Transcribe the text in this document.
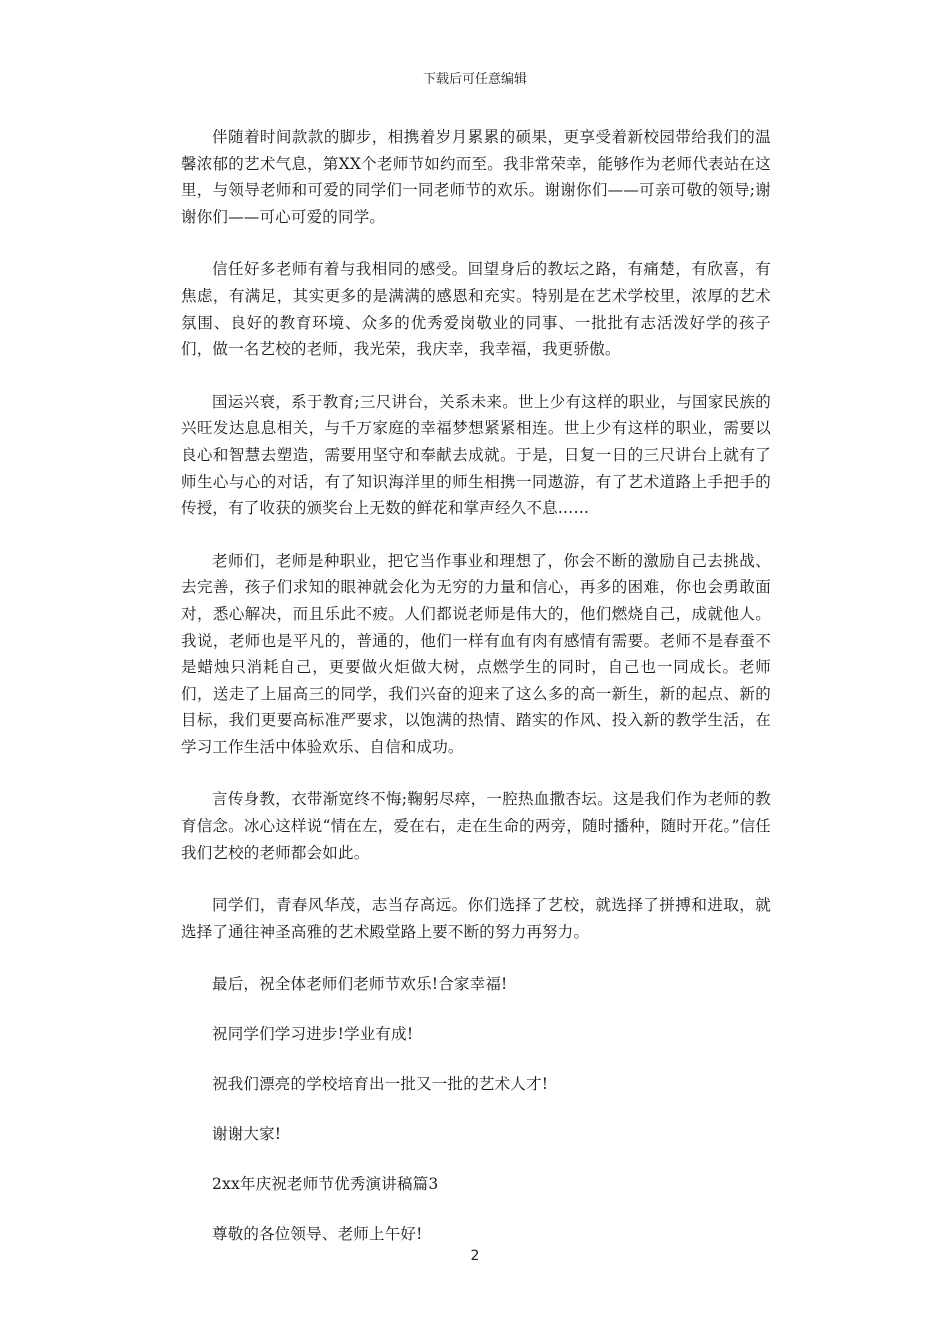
下载后可任意编辑

伴随着时间款款的脚步，相携着岁月累累的硕果，更享受着新校园带给我们的温馨浓郁的艺术气息，第XX个老师节如约而至。我非常荣幸，能够作为老师代表站在这里，与领导老师和可爱的同学们一同老师节的欢乐。谢谢你们——可亲可敬的领导;谢谢你们——可心可爱的同学。

信任好多老师有着与我相同的感受。回望身后的教坛之路，有痛楚，有欣喜，有焦虑，有满足，其实更多的是满满的感恩和充实。特别是在艺术学校里，浓厚的艺术氛围、良好的教育环境、众多的优秀爱岗敬业的同事、一批批有志活泼好学的孩子们，做一名艺校的老师，我光荣，我庆幸，我幸福，我更骄傲。

国运兴衰，系于教育;三尺讲台，关系未来。世上少有这样的职业，与国家民族的兴旺发达息息相关，与千万家庭的幸福梦想紧紧相连。世上少有这样的职业，需要以良心和智慧去塑造，需要用坚守和奉献去成就。于是，日复一日的三尺讲台上就有了师生心与心的对话，有了知识海洋里的师生相携一同遨游，有了艺术道路上手把手的传授，有了收获的颁奖台上无数的鲜花和掌声经久不息……

老师们，老师是种职业，把它当作事业和理想了，你会不断的激励自己去挑战、去完善，孩子们求知的眼神就会化为无穷的力量和信心，再多的困难，你也会勇敢面对，悉心解决，而且乐此不疲。人们都说老师是伟大的，他们燃烧自己，成就他人。我说，老师也是平凡的，普通的，他们一样有血有肉有感情有需要。老师不是春蚕不是蜡烛只消耗自己，更要做火炬做大树，点燃学生的同时，自己也一同成长。老师们，送走了上届高三的同学，我们兴奋的迎来了这么多的高一新生，新的起点、新的目标，我们更要高标准严要求，以饱满的热情、踏实的作风、投入新的教学生活，在学习工作生活中体验欢乐、自信和成功。

言传身教，衣带渐宽终不悔;鞠躬尽瘁，一腔热血撒杏坛。这是我们作为老师的教育信念。冰心这样说“情在左，爱在右，走在生命的两旁，随时播种，随时开花。”信任我们艺校的老师都会如此。

同学们，青春风华茂，志当存高远。你们选择了艺校，就选择了拼搏和进取，就选择了通往神圣高雅的艺术殿堂路上要不断的努力再努力。

最后，祝全体老师们老师节欢乐!合家幸福!

祝同学们学习进步!学业有成!

祝我们漂亮的学校培育出一批又一批的艺术人才!

谢谢大家!

2xx年庆祝老师节优秀演讲稿篇3

尊敬的各位领导、老师上午好!

2
